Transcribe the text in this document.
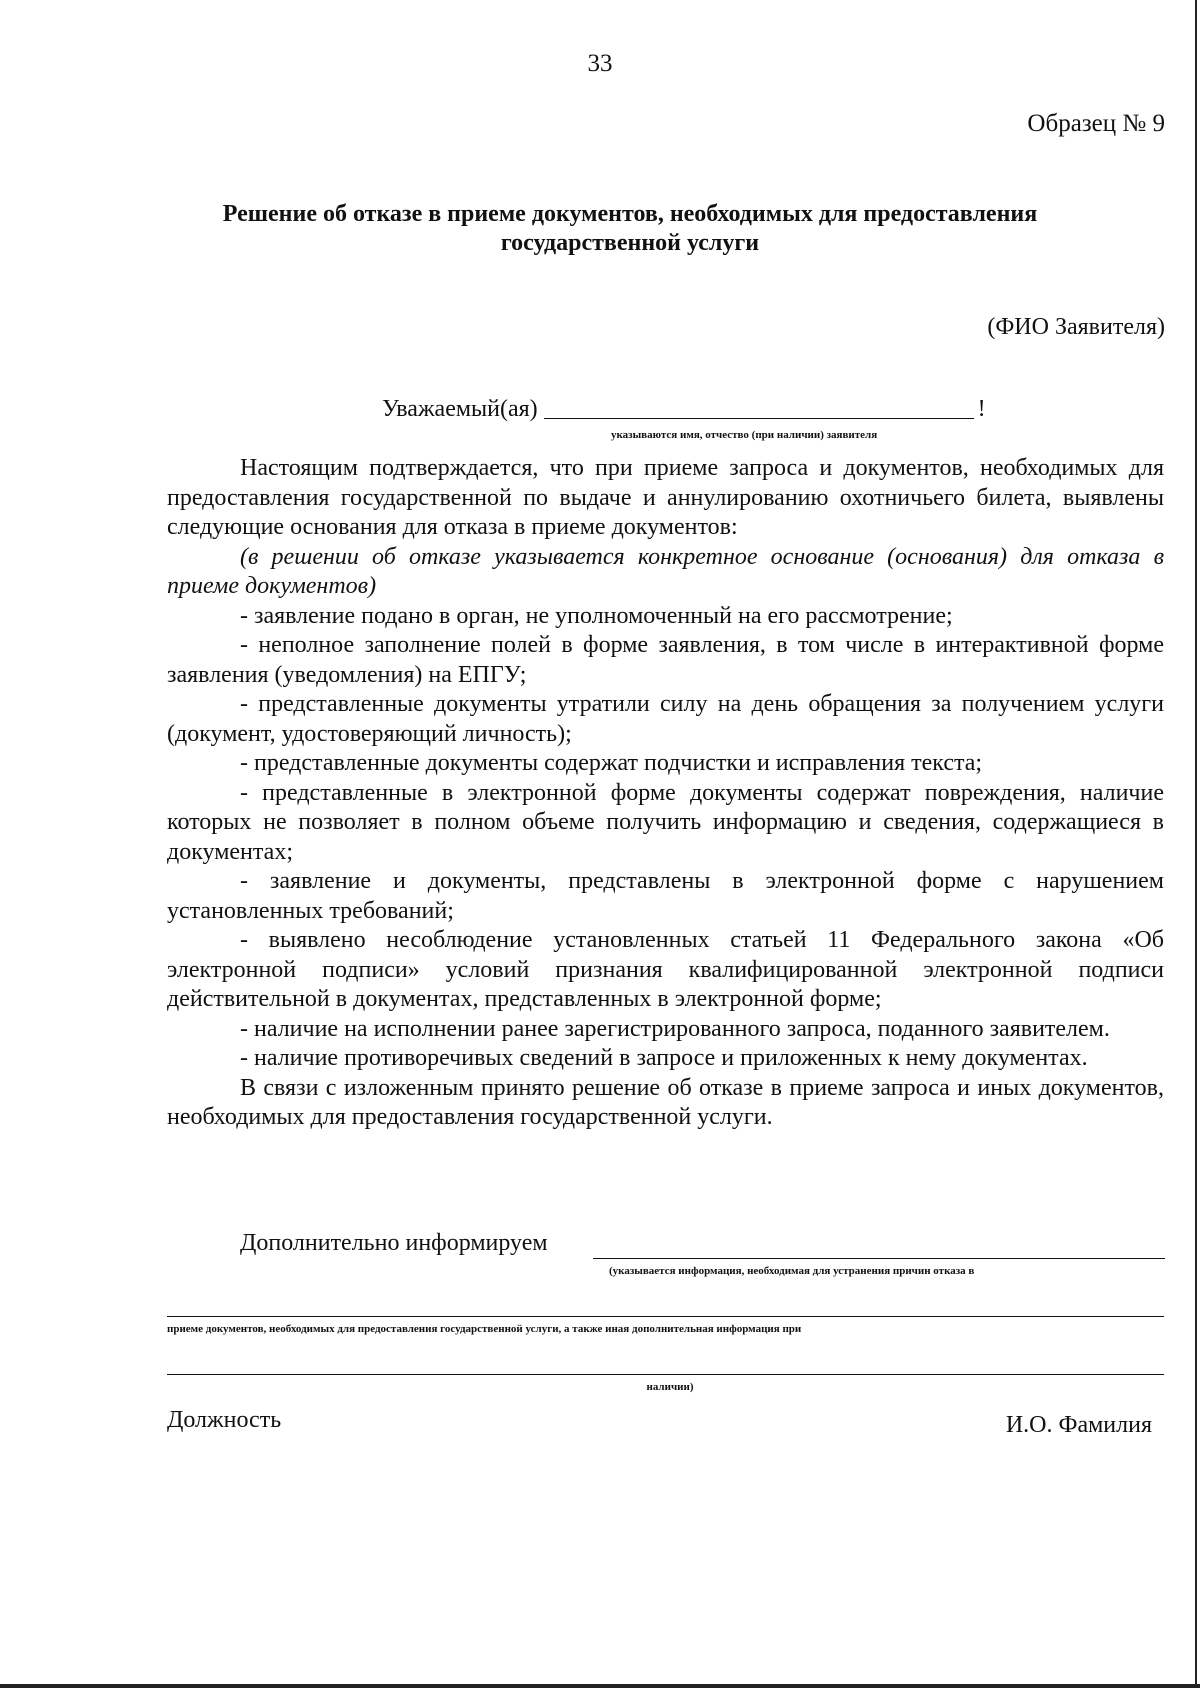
33
Образец № 9
Решение об отказе в приеме документов, необходимых для предоставления государственной услуги
(ФИО Заявителя)
Уважаемый(ая)	!
указываются имя, отчество (при наличии) заявителя

Настоящим подтверждается, что при приеме запроса и документов, необходимых для предоставления государственной по выдаче и аннулированию охотничьего билета, выявлены следующие основания для отказа в приеме документов:

(в решении об отказе указывается конкретное основание (основания) для отказа в приеме документов)

- заявление подано в орган, не уполномоченный на его рассмотрение;

- неполное заполнение полей в форме заявления, в том числе в интерактивной форме заявления (уведомления) на ЕПГУ;

- представленные документы утратили силу на день обращения за получением услуги (документ, удостоверяющий личность);

- представленные документы содержат подчистки и исправления текста;

- представленные в электронной форме документы содержат повреждения, наличие которых не позволяет в полном объеме получить информацию и сведения, содержащиеся в документах;

- заявление и документы, представлены в электронной форме с нарушением установленных требований;

- выявлено несоблюдение установленных статьей 11 Федерального закона «Об электронной подписи» условий признания квалифицированной электронной подписи действительной в документах, представленных в электронной форме;

- наличие на исполнении ранее зарегистрированного запроса, поданного заявителем.

- наличие противоречивых сведений в запросе и приложенных к нему документах.

В связи с изложенным принято решение об отказе в приеме запроса и иных документов, необходимых для предоставления государственной услуги.

Дополнительно информируем
(указывается информация, необходимая для устранения причин отказа в
приеме документов, необходимых для предоставления государственной услуги, а также иная дополнительная информация при
наличии)
Должность	И.О. Фамилия
